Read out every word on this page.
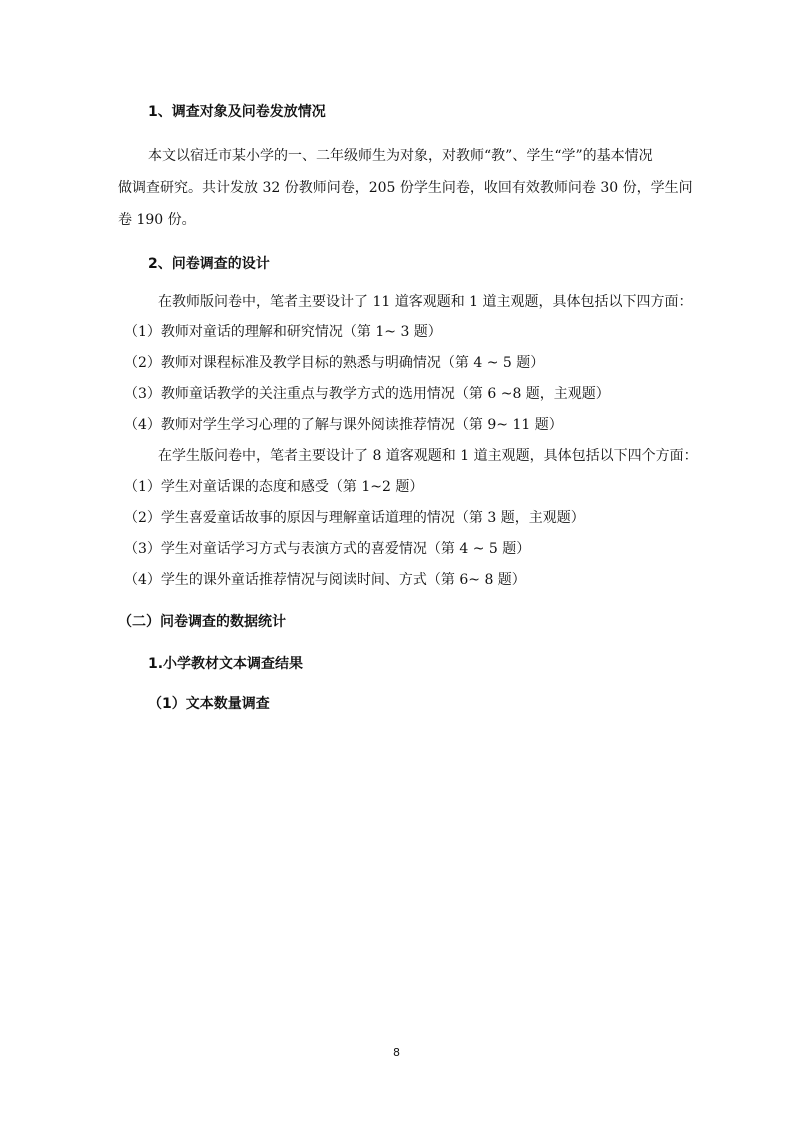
1、调查对象及问卷发放情况
本文以宿迁市某小学的一、二年级师生为对象，对教师“教”、学生“学”的基本情况
做调查研究。共计发放 32 份教师问卷，205 份学生问卷，收回有效教师问卷 30 份，学生问
卷 190 份。
2、问卷调查的设计
在教师版问卷中，笔者主要设计了 11 道客观题和 1 道主观题，具体包括以下四方面：
（1）教师对童话的理解和研究情况（第 1~ 3 题）
（2）教师对课程标准及教学目标的熟悉与明确情况（第 4 ~ 5 题）
（3）教师童话教学的关注重点与教学方式的选用情况（第 6 ~8 题，主观题）
（4）教师对学生学习心理的了解与课外阅读推荐情况（第 9~ 11 题）
在学生版问卷中，笔者主要设计了 8 道客观题和 1 道主观题，具体包括以下四个方面：
（1）学生对童话课的态度和感受（第 1~2 题）
（2）学生喜爱童话故事的原因与理解童话道理的情况（第 3 题，主观题）
（3）学生对童话学习方式与表演方式的喜爱情况（第 4 ~ 5 题）
（4）学生的课外童话推荐情况与阅读时间、方式（第 6~ 8 题）
（二）问卷调查的数据统计
1.小学教材文本调查结果
（1）文本数量调查
8
